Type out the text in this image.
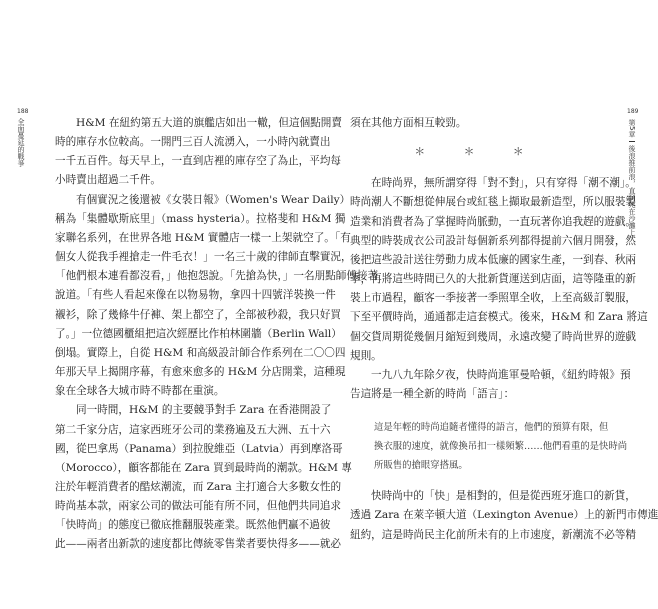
188
全面蔓延的戰爭	H&M 在紐約第五大道的旗艦店如出一轍，但這個點開賣
時的庫存水位較高。一開門三百人流湧入，一小時內就賣出
一千五百件。每天早上，一直到店裡的庫存空了為止，平均每
小時賣出超過二千件。

有個實況之後還被《女裝日報》（Women's Wear Daily）
稱為「集體歇斯底里」（mass hysteria）。拉格斐和 H&M 獨
家聯名系列，在世界各地 H&M 實體店一樣一上架就空了。「有
個女人從我手裡搶走一件毛衣！」一名三十歲的律師直擊實況，
「他們根本連看都沒看，」他抱怨說。「先搶為快，」一名朋點師傅接著
說道。「有些人看起來像在以物易物，拿四十四號洋裝換一件
襯衫，除了幾條牛仔褲、架上都空了，全部被秒殺，我只好買
了。」一位德國櫃組把這次經歷比作柏林圍牆（Berlin Wall）
倒塌。實際上，自從 H&M 和高級設計師合作系列在二〇〇四
年那天早上揭開序幕，有愈來愈多的 H&M 分店開業，這種現
象在全球各大城市時不時都在重演。

同一時間，H&M 的主要競爭對手 Zara 在香港開設了
第二千家分店，這家西班牙公司的業務遍及五大洲、五十六
國，從巴拿馬（Panama）到拉脫維亞（Latvia）再到摩洛哥
（Morocco），顧客都能在 Zara 買到最時尚的潮款。H&M 專
注於年輕消費者的酷炫潮流，而 Zara 主打適合大多數女性的
時尚基本款，兩家公司的做法可能有所不同，但他們共同追求
「快時尚」的態度已徹底推翻服裝產業。既然他們贏不過彼
此——兩者出新款的速度都比傳統零售業者要快得多——就必

189
第5章
後浪推前浪，直到死在沙灘上

須在其他方面相互較勁。

＊　＊　＊

在時尚界，無所謂穿得「對不對」，只有穿得「潮不潮」。
時尚潮人不斷想從伸展台或紅毯上擷取最新造型，所以服裝製
造業和消費者為了掌握時尚脈動，一直玩著你追我趕的遊戲。
典型的時裝成衣公司設計每個新系列都得提前六個月開發，然
後把這些設計送往勞動力成本低廉的國家生產，一到春、秋兩
季，再將這些時間已久的大批新貨運送到店面，這等隆重的新
裝上市過程，顧客一季接著一季照單全收，上至高級訂製服，
下至平價時尚，通通都走這套模式。後來，H&M 和 Zara 將這
個交貨周期從幾個月縮短到幾周，永遠改變了時尚世界的遊戲
規則。

一九八九年除夕夜，快時尚進軍曼哈頓，《紐約時報》預
告這將是一種全新的時尚「語言」：

這是年輕的時尚追隨者懂得的語言，他們的預算有限，但
換衣服的速度，就像換吊扣一樣頻繁……他們看重的是快時尚
所販售的搶眼穿搭風。

快時尚中的「快」是相對的，但是從西班牙進口的新貨，
透過 Zara 在萊辛頓大道（Lexington Avenue）上的新門市傳進
紐約，這是時尚民主化前所未有的上市速度，新潮流不必等精
